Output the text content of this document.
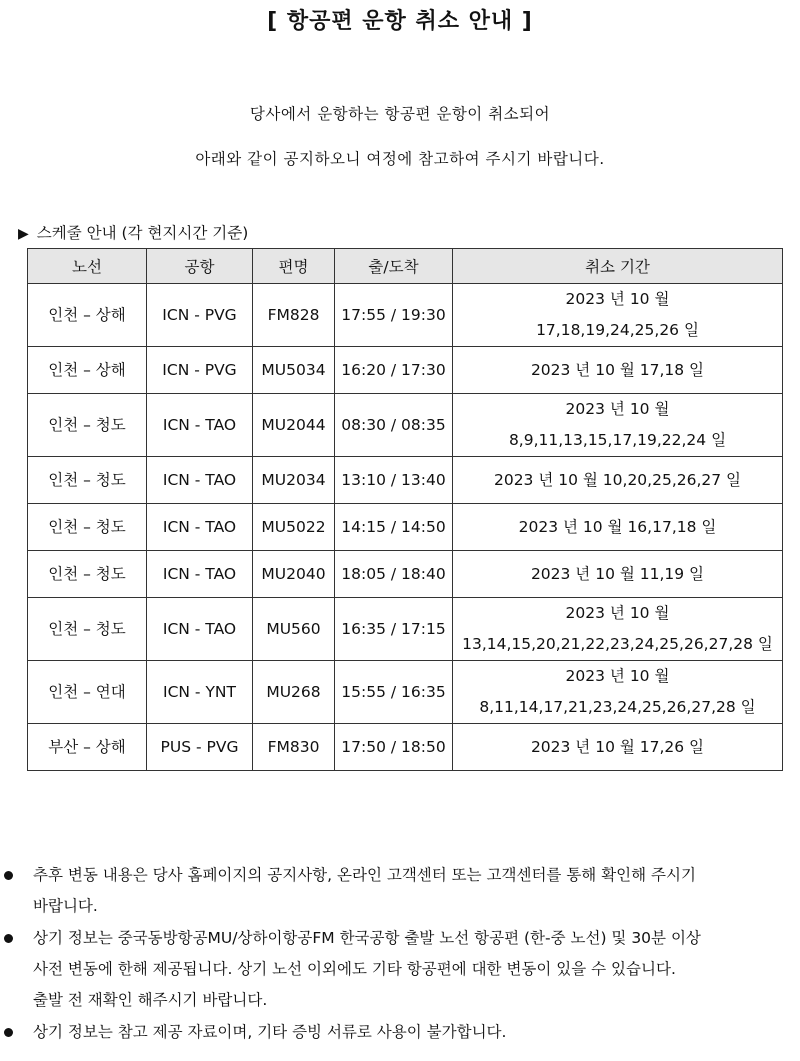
[ 항공편 운항 취소 안내 ]
당사에서 운항하는 항공편 운항이 취소되어
아래와 같이 공지하오니 여정에 참고하여 주시기 바랍니다.
▶ 스케줄 안내 (각 현지시간 기준)
노선	공항	편명	출/도착	취소 기간
인천 – 상해	ICN - PVG	FM828	17:55 / 19:30	2023 년 10 월
17,18,19,24,25,26 일

인천 – 상해	ICN - PVG	MU5034	16:20 / 17:30	2023 년 10 월 17,18 일

인천 – 청도	ICN - TAO	MU2044	08:30 / 08:35	2023 년 10 월
8,9,11,13,15,17,19,22,24 일

인천 – 청도	ICN - TAO	MU2034	13:10 / 13:40	2023 년 10 월 10,20,25,26,27 일

인천 – 청도	ICN - TAO	MU5022	14:15 / 14:50	2023 년 10 월 16,17,18 일

인천 – 청도	ICN - TAO	MU2040	18:05 / 18:40	2023 년 10 월 11,19 일

인천 – 청도	ICN - TAO	MU560	16:35 / 17:15	2023 년 10 월
13,14,15,20,21,22,23,24,25,26,27,28 일

인천 – 연대	ICN - YNT	MU268	15:55 / 16:35	2023 년 10 월
8,11,14,17,21,23,24,25,26,27,28 일

부산 – 상해	PUS - PVG	FM830	17:50 / 18:50	2023 년 10 월 17,26 일
추후 변동 내용은 당사 홈페이지의 공지사항, 온라인 고객센터 또는 고객센터를 통해 확인해 주시기
바랍니다.
상기 정보는 중국동방항공MU/상하이항공FM 한국공항 출발 노선 항공편 (한-중 노선) 및 30분 이상
사전 변동에 한해 제공됩니다. 상기 노선 이외에도 기타 항공편에 대한 변동이 있을 수 있습니다.
출발 전 재확인 해주시기 바랍니다.
상기 정보는 참고 제공 자료이며, 기타 증빙 서류로 사용이 불가합니다.
